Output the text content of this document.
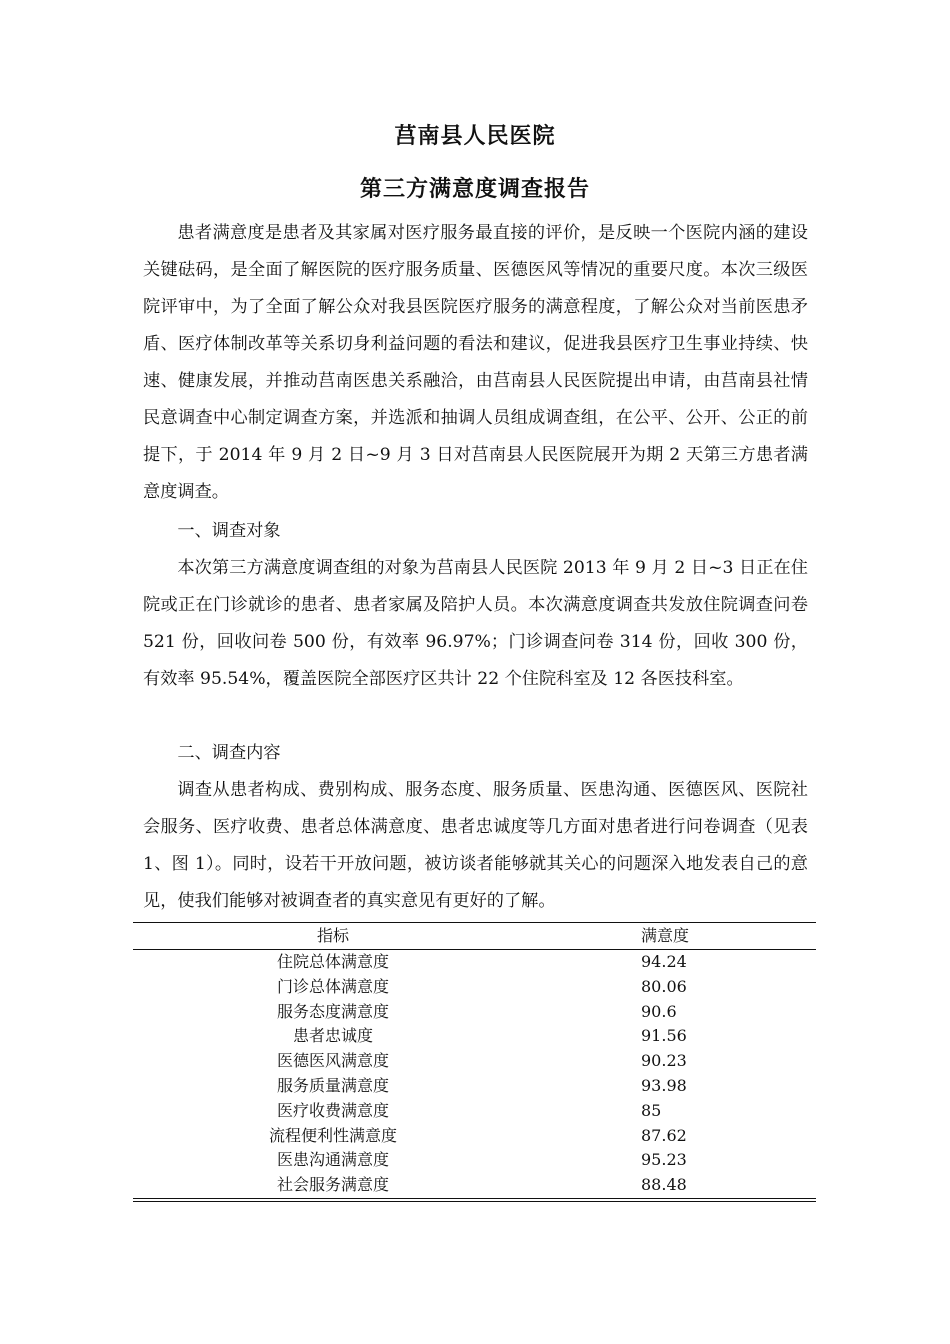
莒南县人民医院
第三方满意度调查报告

患者满意度是患者及其家属对医疗服务最直接的评价，是反映一个医院内涵的建设关键砝码，是全面了解医院的医疗服务质量、医德医风等情况的重要尺度。本次三级医院评审中，为了全面了解公众对我县医院医疗服务的满意程度，了解公众对当前医患矛盾、医疗体制改革等关系切身利益问题的看法和建议，促进我县医疗卫生事业持续、快速、健康发展，并推动莒南医患关系融洽，由莒南县人民医院提出申请，由莒南县社情民意调查中心制定调查方案，并选派和抽调人员组成调查组，在公平、公开、公正的前提下，于 2014 年 9 月 2 日~9 月 3 日对莒南县人民医院展开为期 2 天第三方患者满意度调查。

一、调查对象

本次第三方满意度调查组的对象为莒南县人民医院 2013 年 9 月 2 日~3 日正在住院或正在门诊就诊的患者、患者家属及陪护人员。本次满意度调查共发放住院调查问卷 521 份，回收问卷 500 份，有效率 96.97%；门诊调查问卷 314 份，回收 300 份，有效率 95.54%，覆盖医院全部医疗区共计 22 个住院科室及 12 各医技科室。

二、调查内容

调查从患者构成、费别构成、服务态度、服务质量、医患沟通、医德医风、医院社会服务、医疗收费、患者总体满意度、患者忠诚度等几方面对患者进行问卷调查（见表 1、图 1）。同时，设若干开放问题，被访谈者能够就其关心的问题深入地发表自己的意见，使我们能够对被调查者的真实意见有更好的了解。

指标	满意度
住院总体满意度	94.24
门诊总体满意度	80.06
服务态度满意度	90.6
患者忠诚度	91.56
医德医风满意度	90.23
服务质量满意度	93.98
医疗收费满意度	85
流程便利性满意度	87.62
医患沟通满意度	95.23
社会服务满意度	88.48
